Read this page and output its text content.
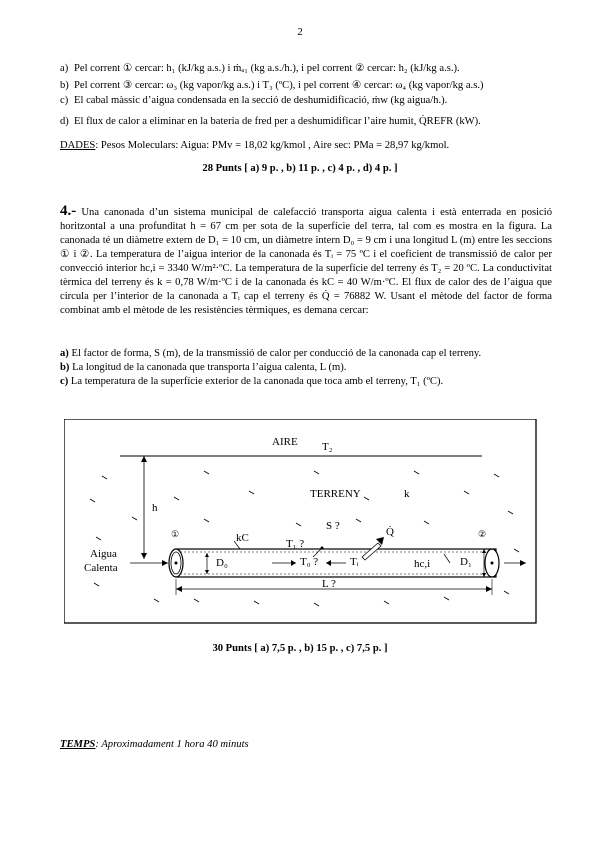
2
a) Pel corrent ① cercar: h₁ (kJ/kg a.s.) i ṁₐ₁ (kg a.s./h.), i pel corrent ② cercar: h₂ (kJ/kg a.s.).
b) Pel corrent ③ cercar: ω₃ (kg vapor/kg a.s.) i T₃ (ºC), i pel corrent ④ cercar: ω₄ (kg vapor/kg a.s.)
c) El cabal màssic d’aigua condensada en la secció de deshumidificació, ṁw (kg aigua/h.).
d) El flux de calor a eliminar en la bateria de fred per a deshumidificar l’aire humit, Q̇REFR (kW).
DADES: Pesos Moleculars: Aigua: PMv = 18,02 kg/kmol , Aire sec: PMa = 28,97 kg/kmol.
28 Punts [ a) 9 p. , b) 11 p. , c) 4 p. , d) 4 p. ]
4.- Una canonada d’un sistema municipal de calefacció transporta aigua calenta i està enterrada en posició horitzontal a una profunditat h = 67 cm per sota de la superfície del terra, tal com es mostra en la figura. La canonada té un diàmetre extern de D₁ = 10 cm, un diàmetre intern D₀ = 9 cm i una longitud L (m) entre les seccions ① i ②. La temperatura de l’aigua interior de la canonada és Tᵢ = 75 ºC i el coeficient de transmissió de calor per convecció interior hc,i = 3340 W/m²·ºC. La temperatura de la superfície del terreny és T₂ = 20 ºC. La conductivitat tèrmica del terreny és k = 0,78 W/m·ºC i de la canonada és kC = 40 W/m·ºC. El flux de calor des de l’aigua que circula per l’interior de la canonada a Tᵢ cap el terreny és Q̇ = 76882 W. Usant el mètode del factor de forma combinat amb el mètode de les resistències tèrmiques, es demana cercar:
a) El factor de forma, S (m), de la transmissió de calor per conducció de la canonada cap el terreny.
b) La longitud de la canonada que transporta l’aigua calenta, L (m).
c) La temperatura de la superfície exterior de la canonada que toca amb el terreny, T₁ (ºC).
AIRE T₂
TERRENY	k
h
S ?	Q̇
kC	T₁ ?
D₀	T₀ ?	Tᵢ	hc,i	D₁
L ?
Aigua
Calenta
①	②
30 Punts [ a) 7,5 p. , b) 15 p. , c) 7,5 p. ]
TEMPS: Aproximadament 1 hora 40 minuts
